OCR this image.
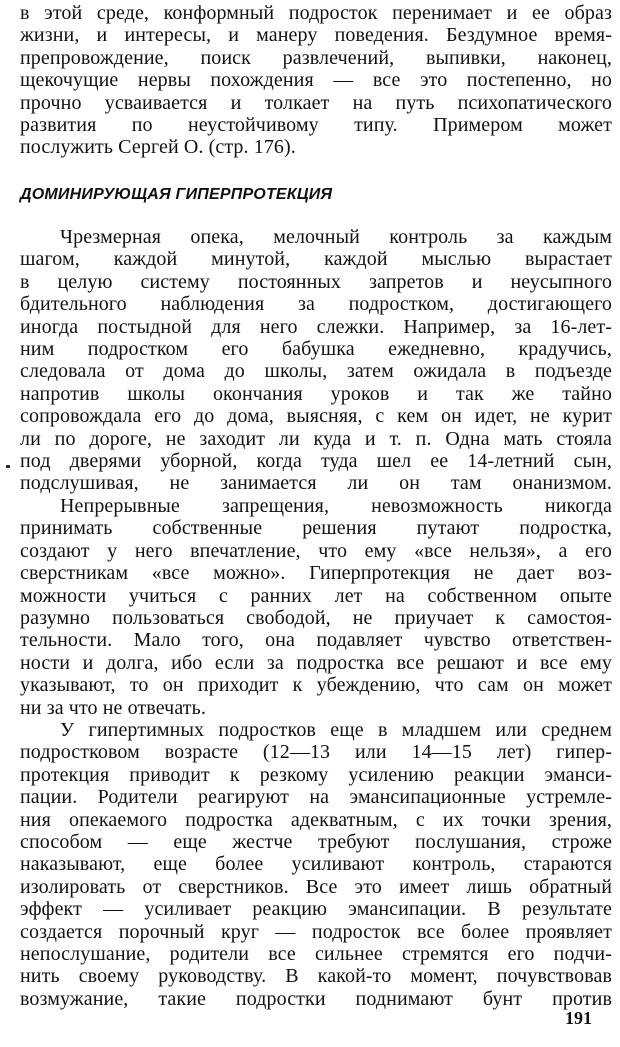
в этой среде, конформный подросток перенимает и ее образ
жизни, и интересы, и манеру поведения. Бездумное время-
препровождение, поиск развлечений, выпивки, наконец,
щекочущие нервы похождения — все это постепенно, но
прочно усваивается и толкает на путь психопатического
развития по неустойчивому типу. Примером может
послужить Сергей О. (стр. 176).
ДОМИНИРУЮЩАЯ ГИПЕРПРОТЕКЦИЯ
Чрезмерная опека, мелочный контроль за каждым
шагом, каждой минутой, каждой мыслью вырастает
в целую систему постоянных запретов и неусыпного
бдительного наблюдения за подростком, достигающего
иногда постыдной для него слежки. Например, за 16-лет-
ним подростком его бабушка ежедневно, крадучись,
следовала от дома до школы, затем ожидала в подъезде
напротив школы окончания уроков и так же тайно
сопровождала его до дома, выясняя, с кем он идет, не курит
ли по дороге, не заходит ли куда и т. п. Одна мать стояла
под дверями уборной, когда туда шел ее 14-летний сын,
подслушивая, не занимается ли он там онанизмом.
Непрерывные запрещения, невозможность никогда
принимать собственные решения путают подростка,
создают у него впечатление, что ему «все нельзя», а его
сверстникам «все можно». Гиперпротекция не дает воз-
можности учиться с ранних лет на собственном опыте
разумно пользоваться свободой, не приучает к самостоя-
тельности. Мало того, она подавляет чувство ответствен-
ности и долга, ибо если за подростка все решают и все ему
указывают, то он приходит к убеждению, что сам он может
ни за что не отвечать.
У гипертимных подростков еще в младшем или среднем
подростковом возрасте (12—13 или 14—15 лет) гипер-
протекция приводит к резкому усилению реакции эманси-
пации. Родители реагируют на эмансипационные устремле-
ния опекаемого подростка адекватным, с их точки зрения,
способом — еще жестче требуют послушания, строже
наказывают, еще более усиливают контроль, стараются
изолировать от сверстников. Все это имеет лишь обратный
эффект — усиливает реакцию эмансипации. В результате
создается порочный круг — подросток все более проявляет
непослушание, родители все сильнее стремятся его подчи-
нить своему руководству. В какой-то момент, почувствовав
возмужание, такие подростки поднимают бунт против
191
